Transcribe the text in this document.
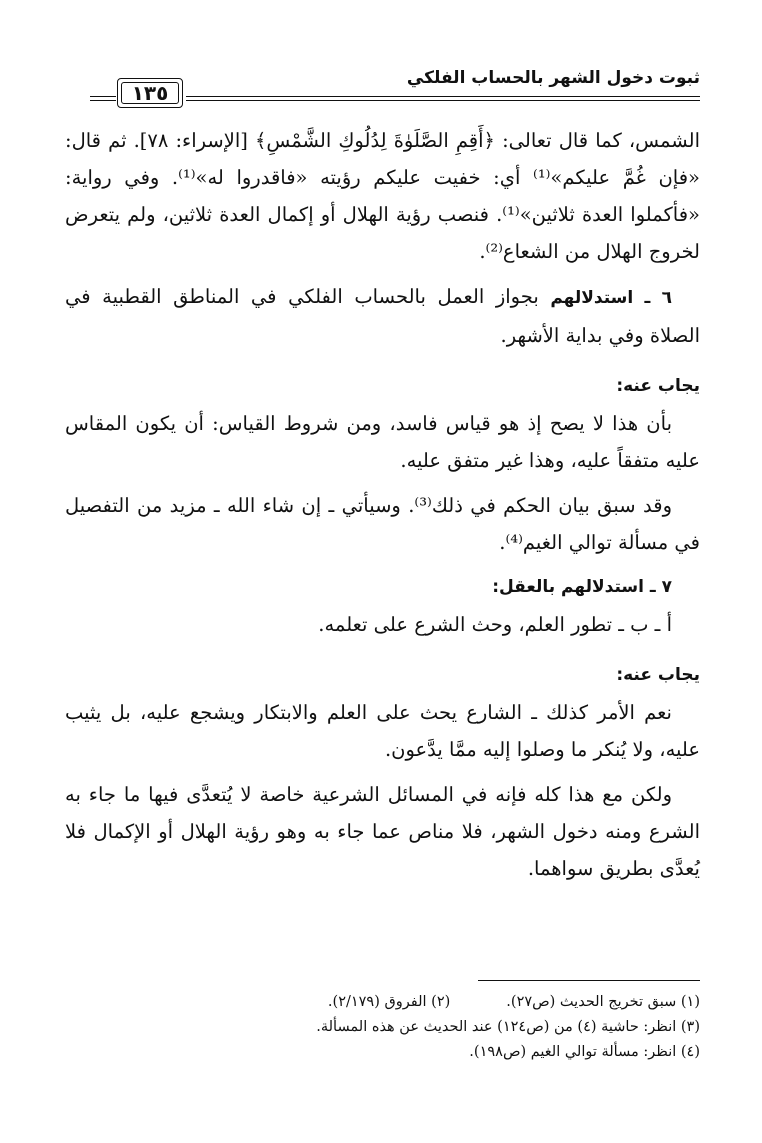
ثبوت دخول الشهر بالحساب الفلكي
١٣٥

الشمس، كما قال تعالى: ﴿أَقِمِ الصَّلَوٰةَ لِدُلُوكِ الشَّمْسِ﴾ [الإسراء: ٧٨]. ثم قال: «فإن غُمَّ عليكم»⁽¹⁾ أي: خفيت عليكم رؤيته «فاقدروا له»⁽¹⁾. وفي رواية: «فأكملوا العدة ثلاثين»⁽¹⁾. فنصب رؤية الهلال أو إكمال العدة ثلاثين، ولم يتعرض لخروج الهلال من الشعاع⁽²⁾.

٦ ـ استدلالهم بجواز العمل بالحساب الفلكي في المناطق القطبية في الصلاة وفي بداية الأشهر.

يجاب عنه:

بأن هذا لا يصح إذ هو قياس فاسد، ومن شروط القياس: أن يكون المقاس عليه متفقاً عليه، وهذا غير متفق عليه.

وقد سبق بيان الحكم في ذلك⁽³⁾. وسيأتي ـ إن شاء الله ـ مزيد من التفصيل في مسألة توالي الغيم⁽⁴⁾.

٧ ـ استدلالهم بالعقل:

أ ـ ب ـ تطور العلم، وحث الشرع على تعلمه.

يجاب عنه:

نعم الأمر كذلك ـ الشارع يحث على العلم والابتكار ويشجع عليه، بل يثيب عليه، ولا يُنكر ما وصلوا إليه ممَّا يدَّعون.

ولكن مع هذا كله فإنه في المسائل الشرعية خاصة لا يُتعدَّى فيها ما جاء به الشرع ومنه دخول الشهر، فلا مناص عما جاء به وهو رؤية الهلال أو الإكمال فلا يُعدَّى بطريق سواهما.

(١) سبق تخريج الحديث (ص٢٧).(٢) الفروق (٢/١٧٩).
(٣) انظر: حاشية (٤) من (ص١٢٤) عند الحديث عن هذه المسألة.
(٤) انظر: مسألة توالي الغيم (ص١٩٨).
